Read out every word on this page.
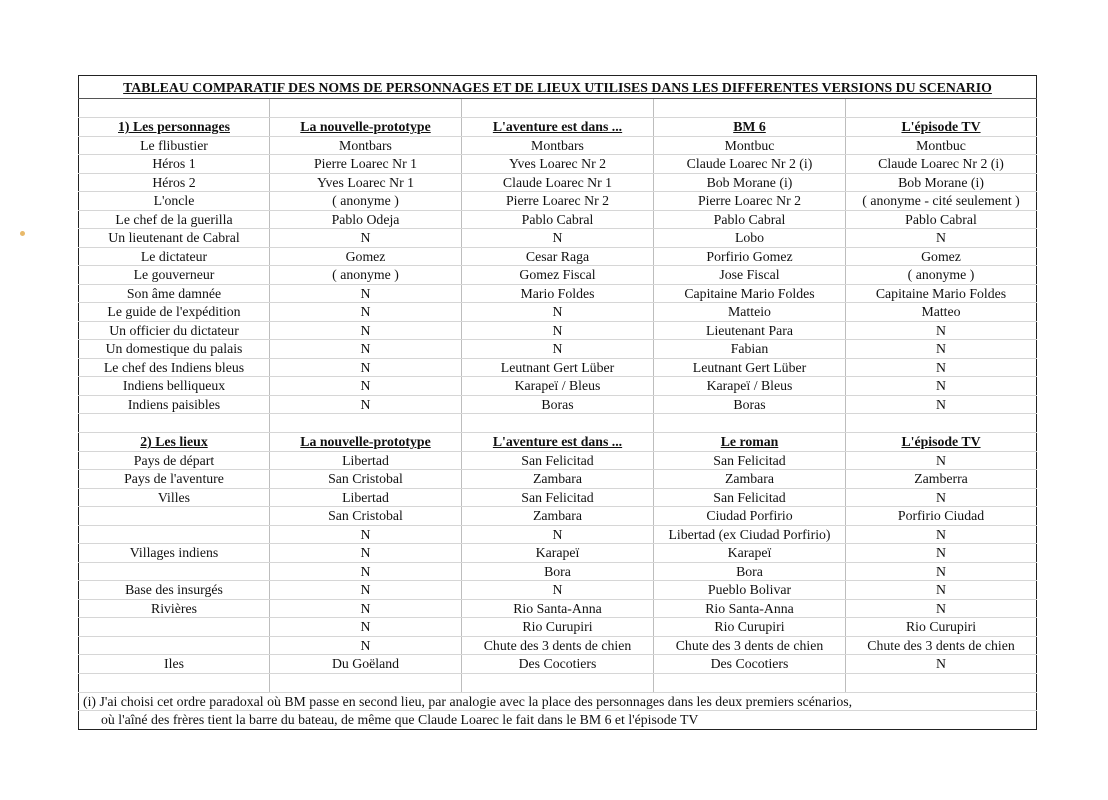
TABLEAU COMPARATIF DES NOMS DE PERSONNAGES ET DE LIEUX UTILISES DANS LES DIFFERENTES VERSIONS DU SCENARIO				

1) Les personnages	La nouvelle-prototype	L'aventure est dans ...	BM 6	L'épisode TV
Le flibustier	Montbars	Montbars	Montbuc	Montbuc
Héros 1	Pierre Loarec Nr 1	Yves Loarec Nr 2	Claude Loarec Nr 2 (i)	Claude Loarec Nr 2 (i)
Héros 2	Yves Loarec Nr 1	Claude Loarec Nr 1	Bob Morane (i)	Bob Morane (i)
L'oncle	( anonyme )	Pierre Loarec Nr 2	Pierre Loarec Nr 2	( anonyme - cité seulement )
Le chef de la guerilla	Pablo Odeja	Pablo Cabral	Pablo Cabral	Pablo Cabral
Un lieutenant de Cabral	N	N	Lobo	N
Le dictateur	Gomez	Cesar Raga	Porfirio Gomez	Gomez
Le gouverneur	( anonyme )	Gomez Fiscal	Jose Fiscal	( anonyme )
Son âme damnée	N	Mario Foldes	Capitaine Mario Foldes	Capitaine Mario Foldes
Le guide de l'expédition	N	N	Matteio	Matteo
Un officier du dictateur	N	N	Lieutenant Para	N
Un domestique du palais	N	N	Fabian	N
Le chef des Indiens bleus	N	Leutnant Gert Lüber	Leutnant Gert Lüber	N
Indiens belliqueux	N	Karapeï / Bleus	Karapeï / Bleus	N
Indiens paisibles	N	Boras	Boras	N

2) Les lieux	La nouvelle-prototype	L'aventure est dans ...	Le roman	L'épisode TV
Pays de départ	Libertad	San Felicitad	San Felicitad	N
Pays de l'aventure	San Cristobal	Zambara	Zambara	Zamberra
Villes	Libertad	San Felicitad	San Felicitad	N
	San Cristobal	Zambara	Ciudad Porfirio	Porfirio Ciudad
	N	N	Libertad (ex Ciudad Porfirio)	N
Villages indiens	N	Karapeï	Karapeï	N
	N	Bora	Bora	N
Base des insurgés	N	N	Pueblo Bolivar	N
Rivières	N	Rio Santa-Anna	Rio Santa-Anna	N
	N	Rio Curupiri	Rio Curupiri	Rio Curupiri
	N	Chute des 3 dents de chien	Chute des 3 dents de chien	Chute des 3 dents de chien
Iles	Du Goëland	Des Cocotiers	Des Cocotiers	N

(i) J'ai choisi cet ordre paradoxal où BM passe en second lieu, par analogie avec la place des personnages dans les deux premiers scénarios,				
où l'aîné des frères tient la barre du bateau, de même que Claude Loarec le fait dans le BM 6 et l'épisode TV				
